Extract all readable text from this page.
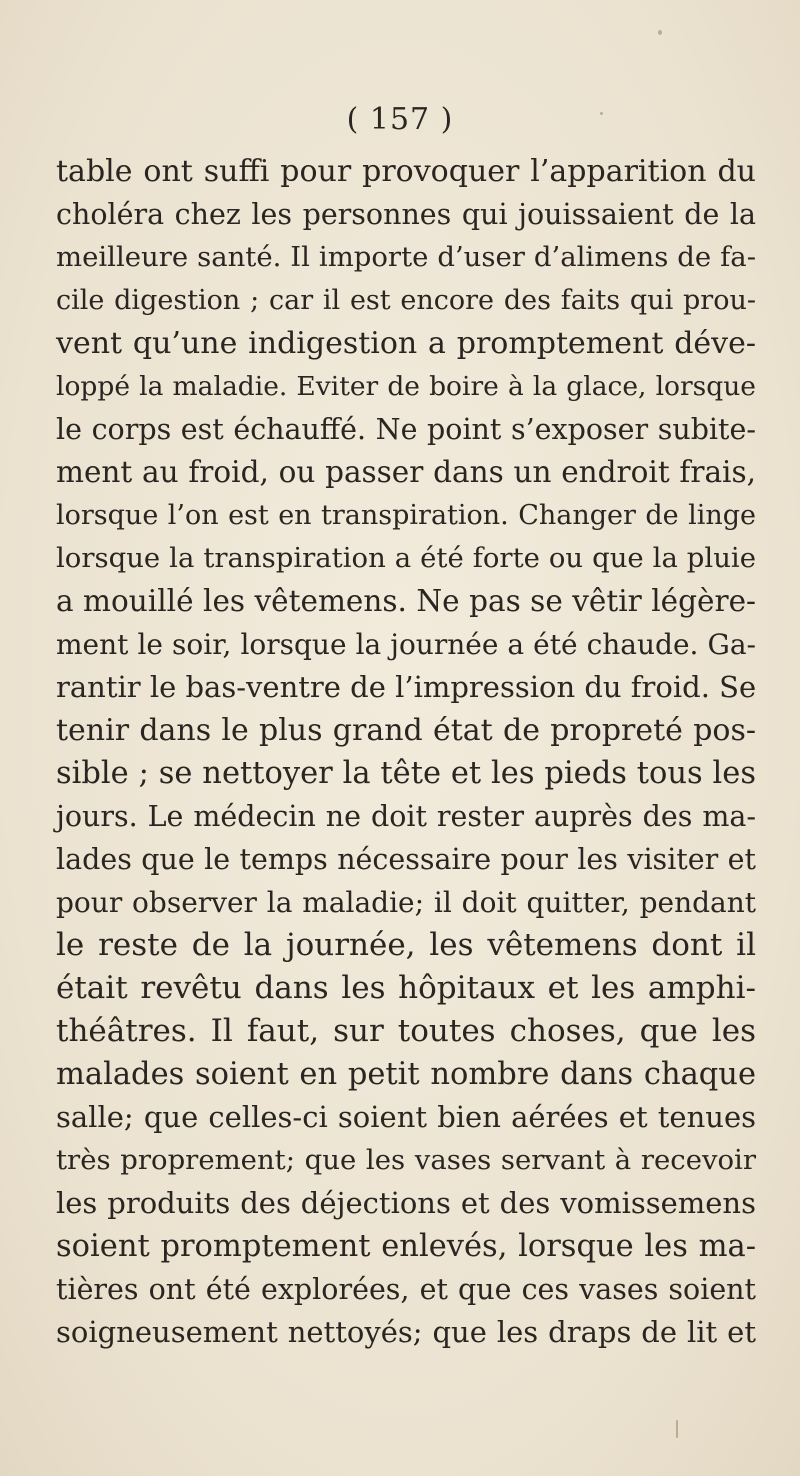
( 157 )
table ont suffi pour provoquer l’apparition du
choléra chez les personnes qui jouissaient de la
meilleure santé. Il importe d’user d’alimens de fa-
cile digestion ; car il est encore des faits qui prou-
vent qu’une indigestion a promptement déve-
loppé la maladie. Eviter de boire à la glace, lorsque
le corps est échauffé. Ne point s’exposer subite-
ment au froid, ou passer dans un endroit frais,
lorsque l’on est en transpiration. Changer de linge
lorsque la transpiration a été forte ou que la pluie
a mouillé les vêtemens. Ne pas se vêtir légère-
ment le soir, lorsque la journée a été chaude. Ga-
rantir le bas-ventre de l’impression du froid. Se
tenir dans le plus grand état de propreté pos-
sible ; se nettoyer la tête et les pieds tous les
jours. Le médecin ne doit rester auprès des ma-
lades que le temps nécessaire pour les visiter et
pour observer la maladie; il doit quitter, pendant
le reste de la journée, les vêtemens dont il
était revêtu dans les hôpitaux et les amphi-
théâtres. Il faut, sur toutes choses, que les
malades soient en petit nombre dans chaque
salle; que celles-ci soient bien aérées et tenues
très proprement; que les vases servant à recevoir
les produits des déjections et des vomissemens
soient promptement enlevés, lorsque les ma-
tières ont été explorées, et que ces vases soient
soigneusement nettoyés; que les draps de lit et
